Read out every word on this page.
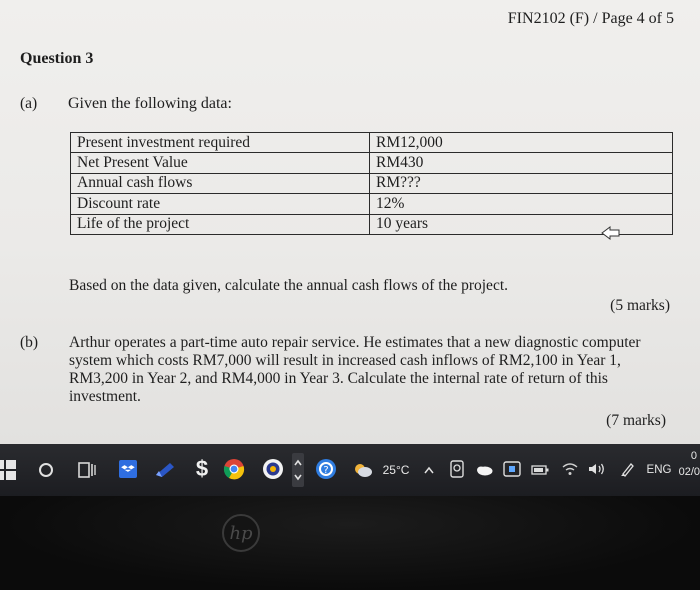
FIN2102 (F) / Page 4 of 5
Question 3
(a) Given the following data:
Present investment required	RM12,000
Net Present Value	RM430
Annual cash flows	RM???
Discount rate	12%
Life of the project	10 years
Based on the data given, calculate the annual cash flows of the project.
(5 marks)
(b) Arthur operates a part-time auto repair service. He estimates that a new diagnostic computer
system which costs RM7,000 will result in increased cash inflows of RM2,100 in Year 1,
RM3,200 in Year 2, and RM4,000 in Year 3. Calculate the internal rate of return of this
investment.
(7 marks)
$	?	25°C	ENG
0
02/0
hp
